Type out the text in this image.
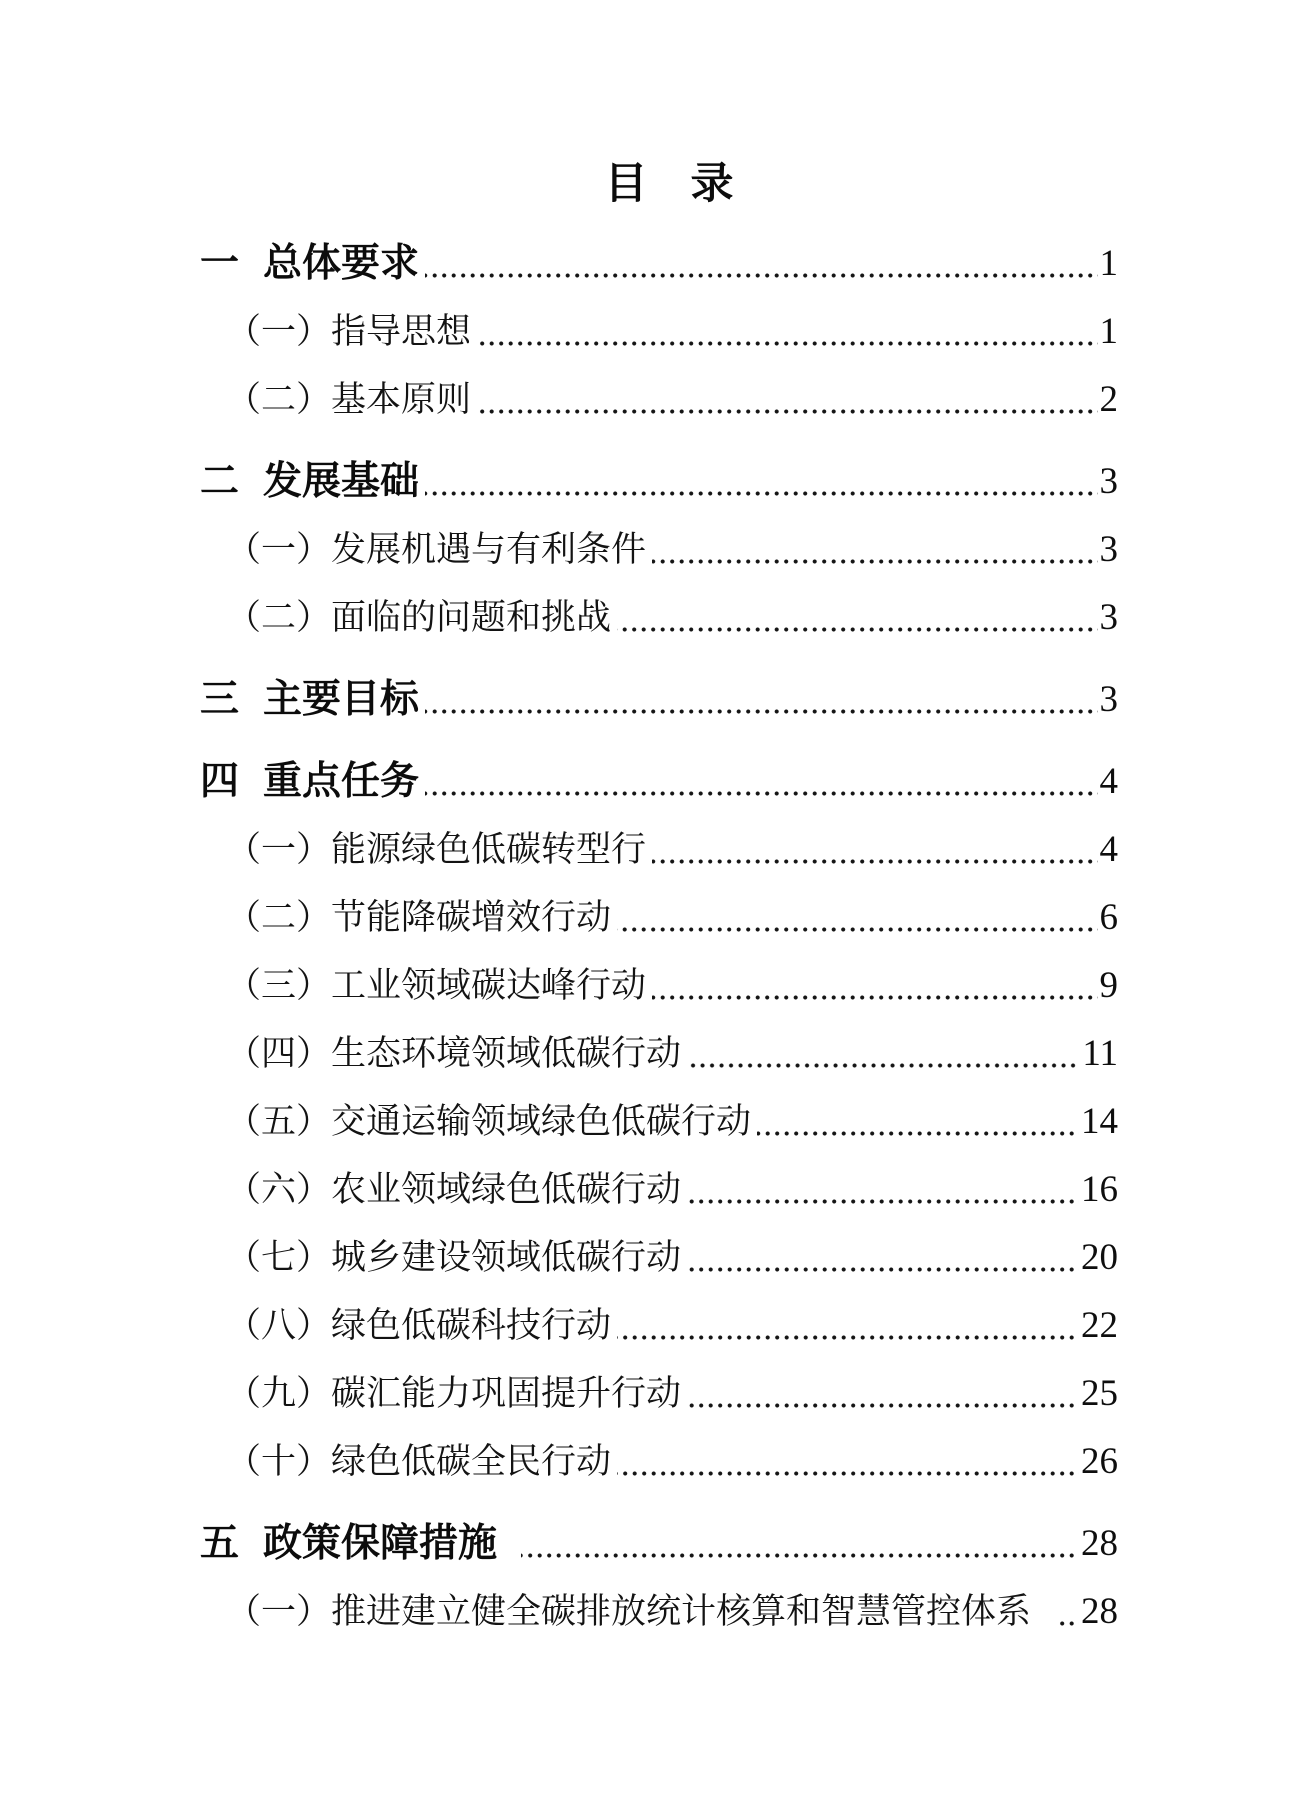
目　录
一 总体要求	1
（一）指导思想	1
（二）基本原则	2
二 发展基础	3
（一）发展机遇与有利条件	3
（二）面临的问题和挑战	3
三 主要目标	3
四 重点任务	4
（一）能源绿色低碳转型行	4
（二）节能降碳增效行动	6
（三）工业领域碳达峰行动	9
（四）生态环境领域低碳行动	11
（五）交通运输领域绿色低碳行动	14
（六）农业领域绿色低碳行动	16
（七）城乡建设领域低碳行动	20
（八）绿色低碳科技行动	22
（九）碳汇能力巩固提升行动	25
（十）绿色低碳全民行动	26
五 政策保障措施	28
（一）推进建立健全碳排放统计核算和智慧管控体系 28
